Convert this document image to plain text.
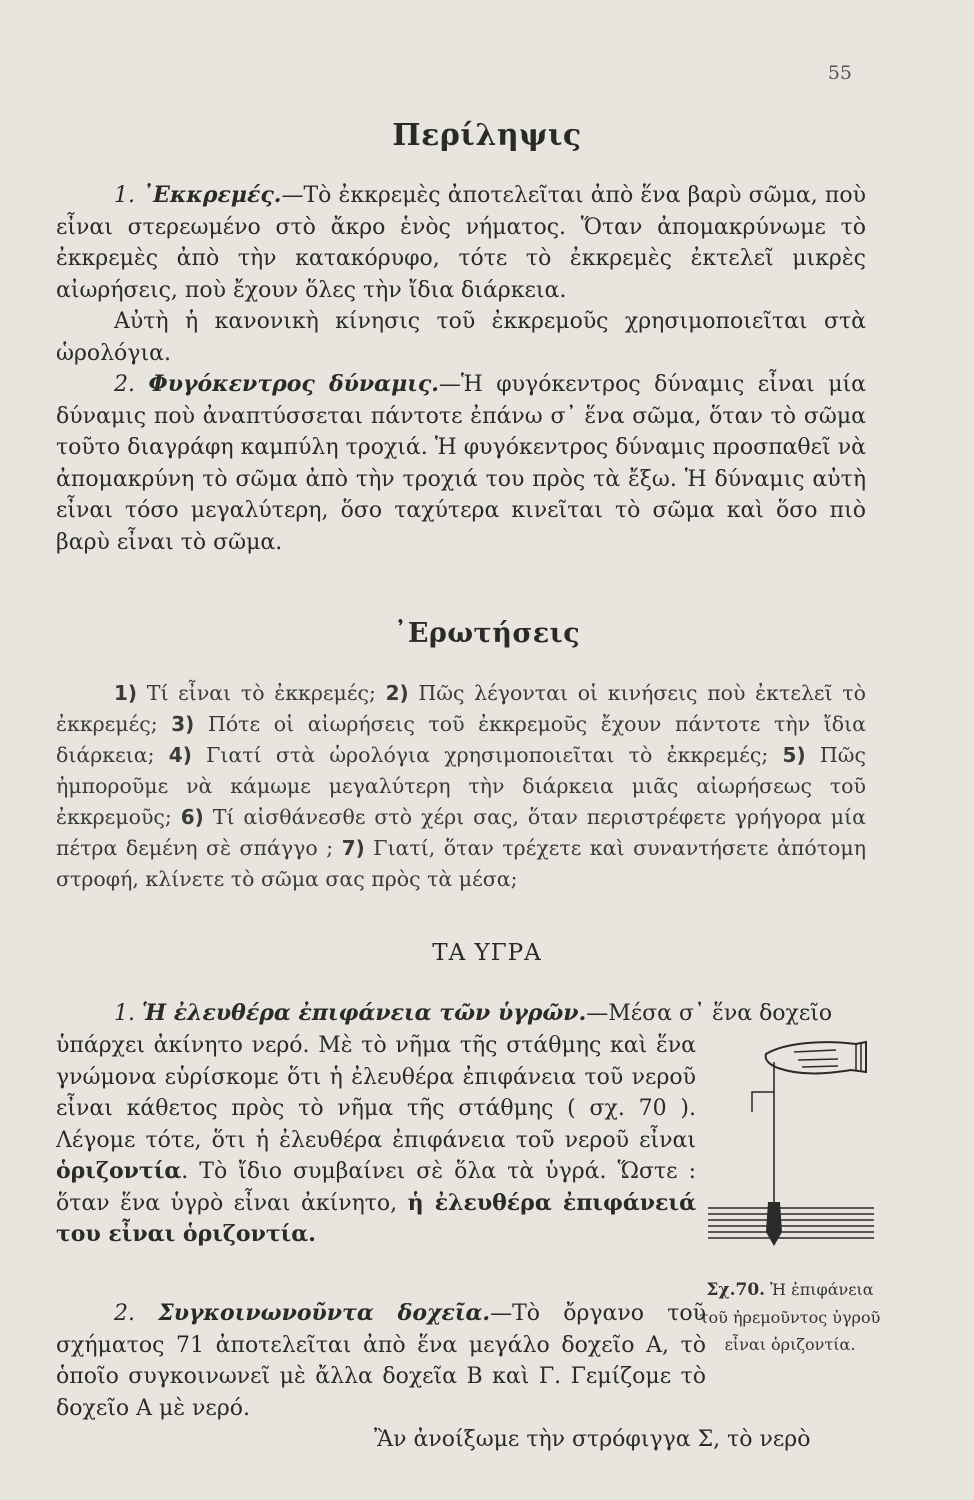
55
Περίληψις
1. ᾿Εκκρεμές.—Τὸ ἐκκρεμὲς ἀποτελεῖται ἀπὸ ἕνα βαρὺ σῶμα, ποὺ εἶναι στερεωμένο στὸ ἄκρο ἑνὸς νήματος. Ὅταν ἀπομακρύνωμε τὸ ἐκκρεμὲς ἀπὸ τὴν κατακόρυφο, τότε τὸ ἐκκρεμὲς ἐκτελεῖ μικρὲς αἰωρήσεις, ποὺ ἔχουν ὅλες τὴν ἴδια διάρκεια.
Αὐτὴ ἡ κανονικὴ κίνησις τοῦ ἐκκρεμοῦς χρησιμοποιεῖται στὰ ὡρολόγια.
2. Φυγόκεντρος δύναμις.—Ἡ φυγόκεντρος δύναμις εἶναι μία δύναμις ποὺ ἀναπτύσσεται πάντοτε ἐπάνω σ᾿ ἕνα σῶμα, ὅταν τὸ σῶμα τοῦτο διαγράφη καμπύλη τροχιά. Ἡ φυγόκεντρος δύναμις προσπαθεῖ νὰ ἀπομακρύνη τὸ σῶμα ἀπὸ τὴν τροχιά του πρὸς τὰ ἔξω. Ἡ δύναμις αὐτὴ εἶναι τόσο μεγαλύτερη, ὅσο ταχύτερα κινεῖται τὸ σῶμα καὶ ὅσο πιὸ βαρὺ εἶναι τὸ σῶμα.
᾿Ερωτήσεις
1) Τί εἶναι τὸ ἐκκρεμές; 2) Πῶς λέγονται οἱ κινήσεις ποὺ ἐκτελεῖ τὸ ἐκκρεμές; 3) Πότε οἱ αἰωρήσεις τοῦ ἐκκρεμοῦς ἔχουν πάντοτε τὴν ἴδια διάρκεια; 4) Γιατί στὰ ὡρολόγια χρησιμοποιεῖται τὸ ἐκκρεμές; 5) Πῶς ἠμποροῦμε νὰ κάμωμε μεγαλύτερη τὴν διάρκεια μιᾶς αἰωρήσεως τοῦ ἐκκρεμοῦς; 6) Τί αἰσθάνεσθε στὸ χέρι σας, ὅταν περιστρέφετε γρήγορα μία πέτρα δεμένη σὲ σπάγγο ; 7) Γιατί, ὅταν τρέχετε καὶ συναντήσετε ἀπότομη στροφή, κλίνετε τὸ σῶμα σας πρὸς τὰ μέσα;
ΤΑ ΥΓΡΑ
1. Ἡ ἐλευθέρα ἐπιφάνεια τῶν ὑγρῶν.—Μέσα σ᾿ ἕνα δοχεῖο
ὑπάρχει ἀκίνητο νερό. Μὲ τὸ νῆμα τῆς στάθμης καὶ ἕνα γνώμονα εὑρίσκομε ὅτι ἡ ἐλευθέρα ἐπιφάνεια τοῦ νεροῦ εἶναι κάθετος πρὸς τὸ νῆμα τῆς στάθμης ( σχ. 70 ). Λέγομε τότε, ὅτι ἡ ἐλευθέρα ἐπιφάνεια τοῦ νεροῦ εἶναι ὁριζοντία. Τὸ ἴδιο συμβαίνει σὲ ὅλα τὰ ὑγρά. Ὥστε : ὅταν ἕνα ὑγρὸ εἶναι ἀκίνητο, ἡ ἐλευθέρα ἐπιφάνειά του εἶναι ὁριζοντία.
Σχ.70. Ἡ ἐπιφάνεια τοῦ ἠρεμοῦντος ὑγροῦ εἶναι ὁριζοντία.
2. Συγκοινωνοῦντα δοχεῖα.—Τὸ ὄργανο τοῦ σχήματος 71 ἀποτελεῖται ἀπὸ ἕνα μεγάλο δοχεῖο Α, τὸ ὁποῖο συγκοινωνεῖ μὲ ἄλλα δοχεῖα Β καὶ Γ. Γεμίζομε τὸ δοχεῖο Α μὲ νερό.
Ἂν ἀνοίξωμε τὴν στρόφιγγα Σ, τὸ νερὸ
